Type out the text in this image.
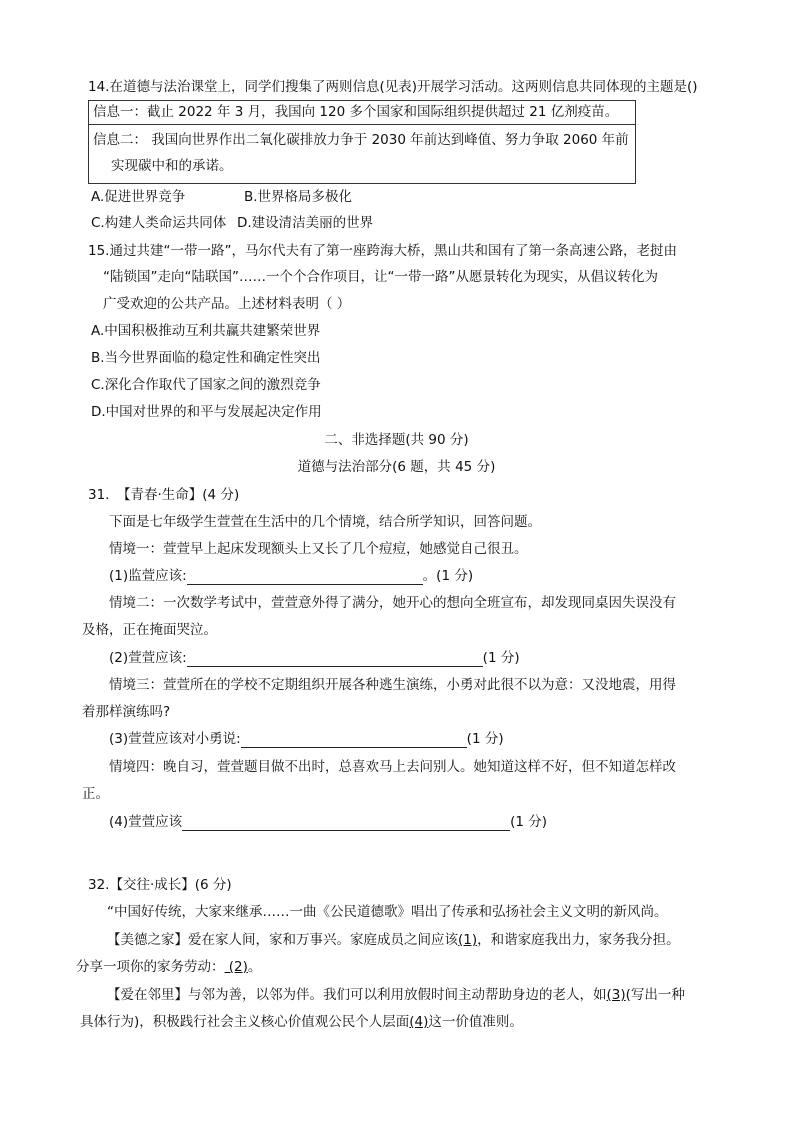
14.在道德与法治课堂上，同学们搜集了两则信息(见表)开展学习活动。这两则信息共同体现的主题是()
信息一：截止 2022 年 3 月，我国向 120 多个国家和国际组织提供超过 21 亿剂疫苗。
信息二： 我国向世界作出二氧化碳排放力争于 2030 年前达到峰值、努力争取 2060 年前
实现碳中和的承诺。
A.促进世界竞争	B.世界格局多极化
C.构建人类命运共同体 D.建设清洁美丽的世界
15.通过共建“一带一路”，马尔代夫有了第一座跨海大桥，黑山共和国有了第一条高速公路，老挝由
“陆锁国”走向“陆联国”……一个个合作项目，让“一带一路”从愿景转化为现实，从倡议转化为
广受欢迎的公共产品。上述材料表明（ ）
A.中国积极推动互利共赢共建繁荣世界
B.当今世界面临的稳定性和确定性突出
C.深化合作取代了国家之间的激烈竞争
D.中国对世界的和平与发展起决定作用
二、非选择题(共 90 分)
道德与法治部分(6 题，共 45 分)
31. 【青春·生命】(4 分)
下面是七年级学生萱萱在生活中的几个情境，结合所学知识，回答问题。
情境一：萱萱早上起床发现额头上又长了几个痘痘，她感觉自己很丑。
(1)监萱应该:	。(1 分)
情境二：一次数学考试中，萱萱意外得了满分，她开心的想向全班宣布，却发现同桌因失误没有
及格，正在掩面哭泣。
(2)萱萱应该:	(1 分)
情境三：萱萱所在的学校不定期组织开展各种逃生演练，小勇对此很不以为意：又没地震，用得
着那样演练吗?
(3)萱萱应该对小勇说:	(1 分)
情境四：晚自习，萱萱题目做不出时，总喜欢马上去问别人。她知道这样不好，但不知道怎样改
正。
(4)萱萱应该	(1 分)
32.【交往·成长】(6 分)
“中国好传统，大家来继承……一曲《公民道德歌》唱出了传承和弘扬社会主义文明的新风尚。
【美德之家】爱在家人间，家和万事兴。家庭成员之间应该(1)，和谐家庭我出力，家务我分担。
分享一项你的家务劳动： (2)。
【爱在邻里】与邻为善，以邻为伴。我们可以利用放假时间主动帮助身边的老人，如(3)(写出一种
具体行为)，积极践行社会主义核心价值观公民个人层面(4)这一价值准则。
